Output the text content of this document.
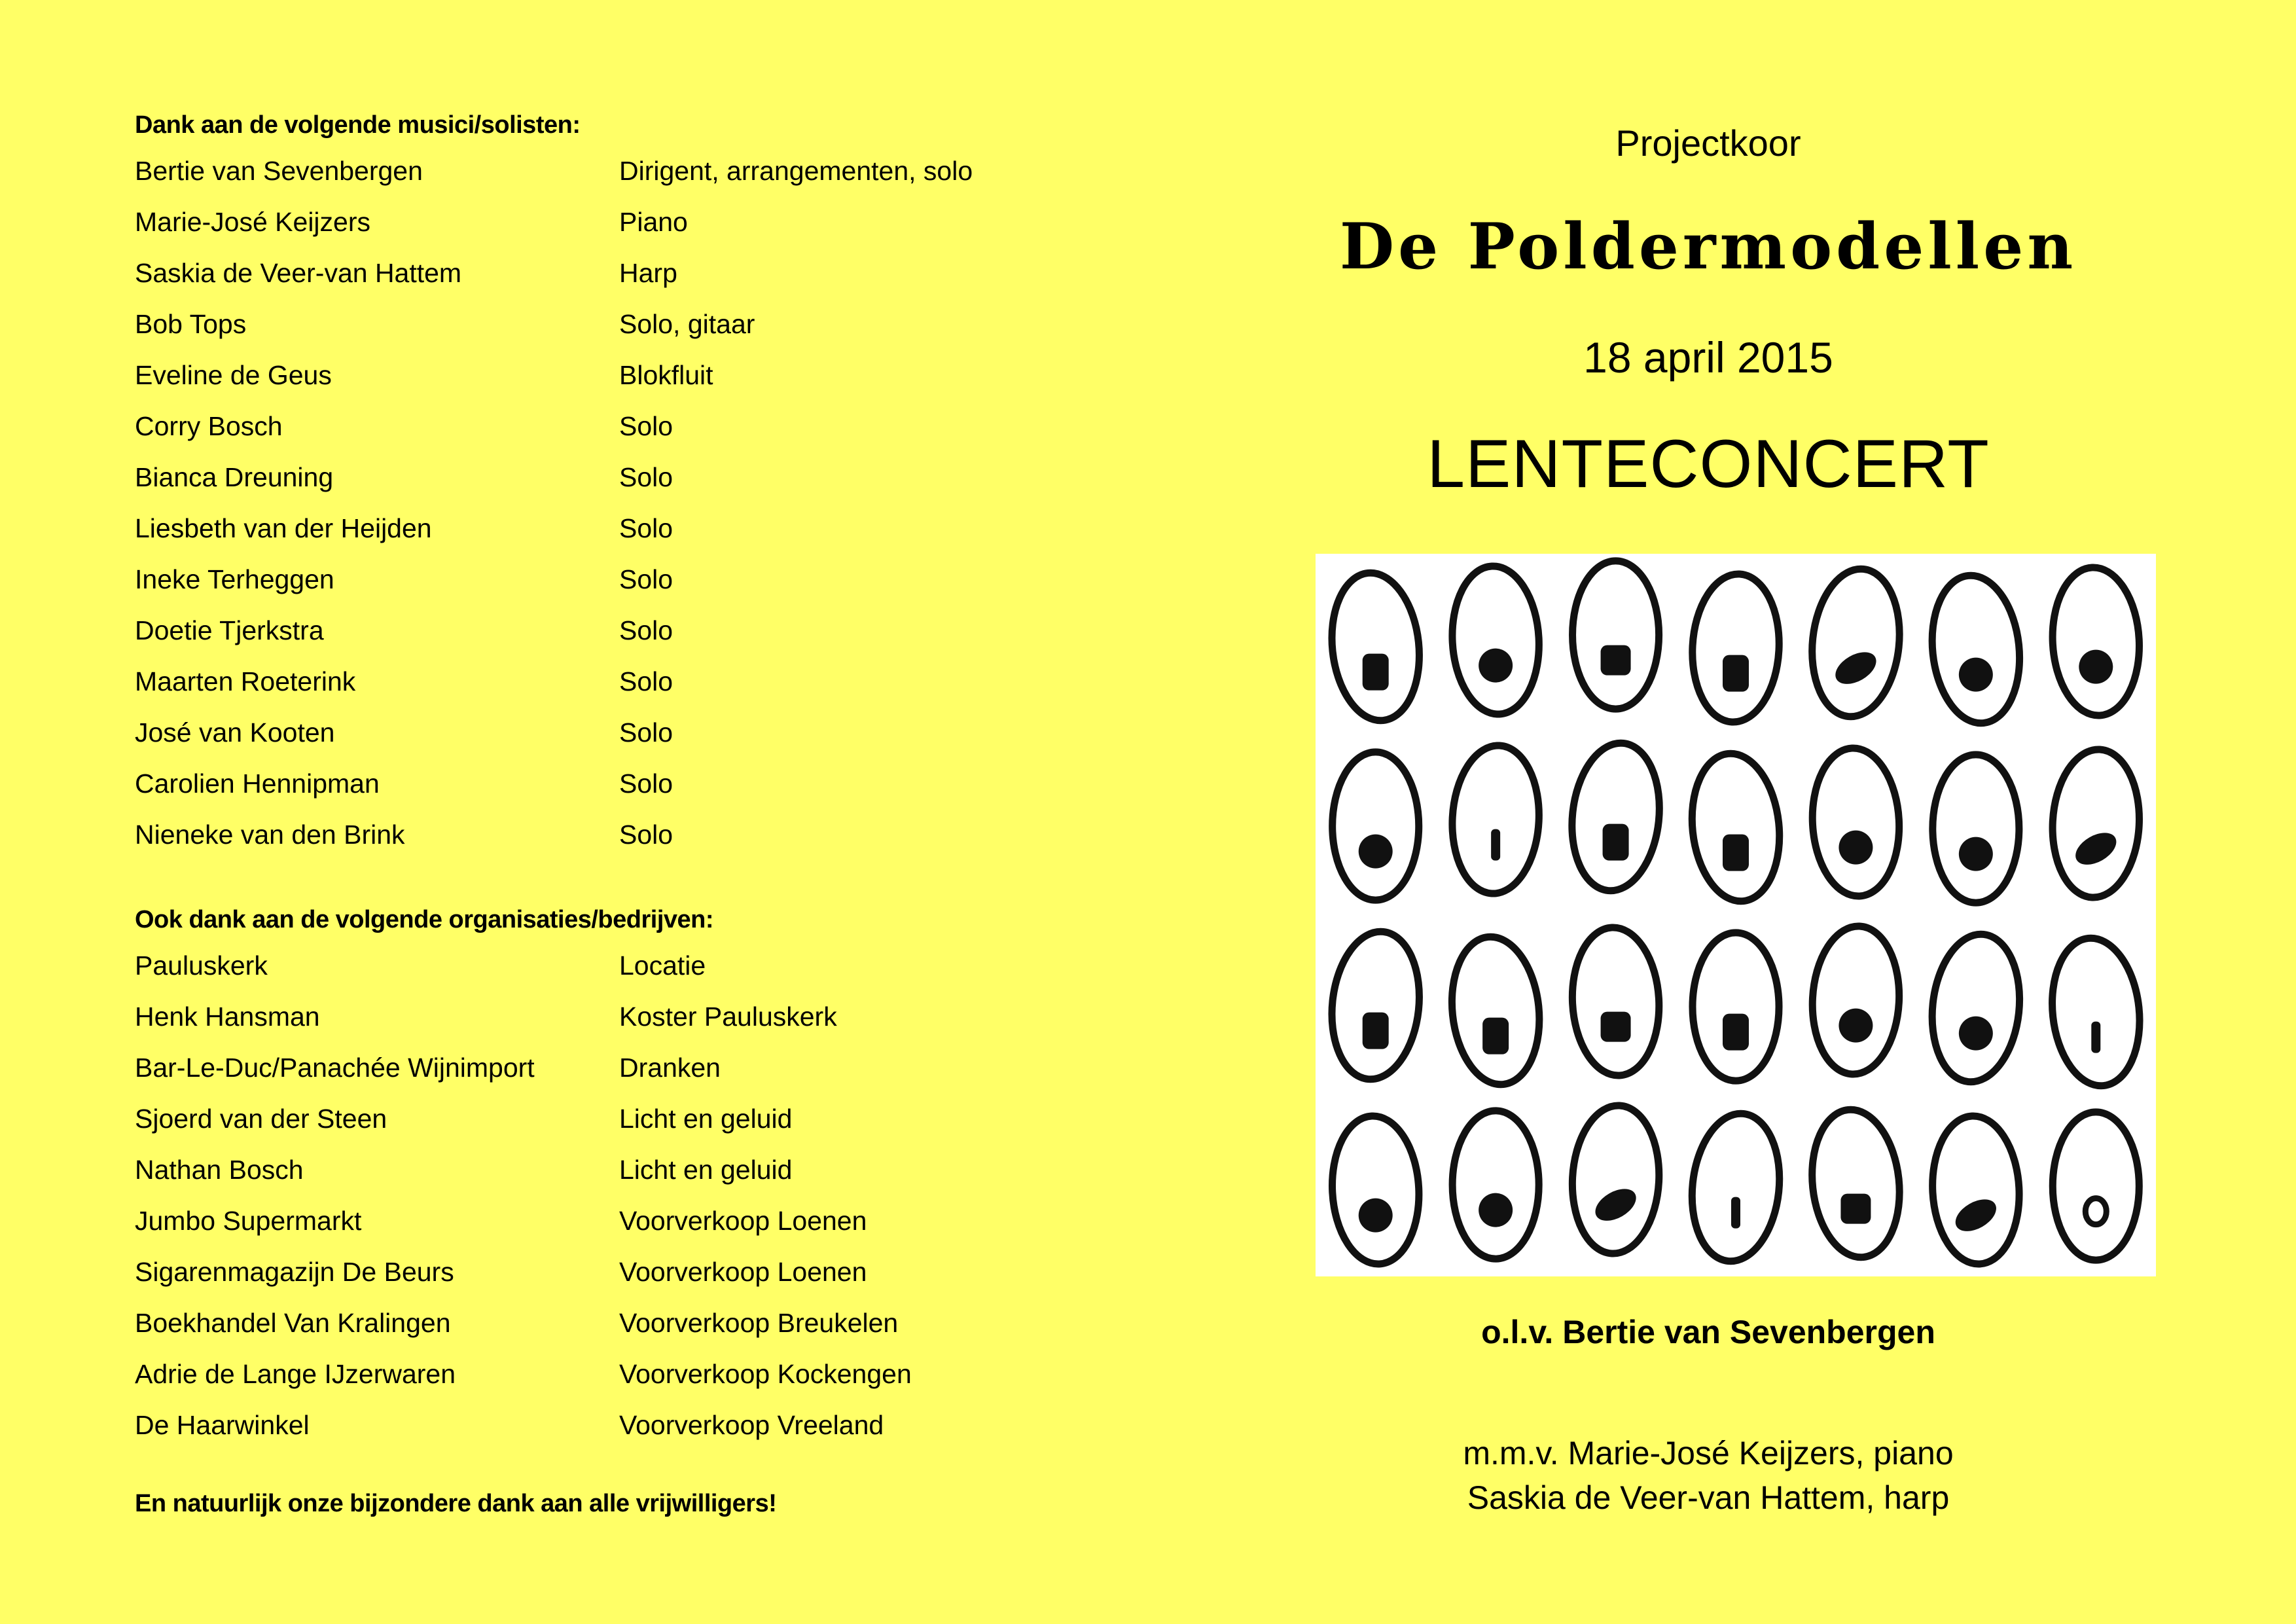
Dank aan de volgende musici/solisten:
Bertie van Sevenbergen	Dirigent, arrangementen, solo
Marie-José Keijzers	Piano
Saskia de Veer-van Hattem	Harp
Bob Tops	Solo, gitaar
Eveline de Geus	Blokfluit
Corry Bosch	Solo
Bianca Dreuning	Solo
Liesbeth van der Heijden	Solo
Ineke Terheggen	Solo
Doetie Tjerkstra	Solo
Maarten Roeterink	Solo
José van Kooten	Solo
Carolien Hennipman	Solo
Nieneke van den Brink	Solo
Ook dank aan de volgende organisaties/bedrijven:
Pauluskerk	Locatie
Henk Hansman	Koster Pauluskerk
Bar-Le-Duc/Panachée Wijnimport	Dranken
Sjoerd van der Steen	Licht en geluid
Nathan Bosch	Licht en geluid
Jumbo Supermarkt	Voorverkoop Loenen
Sigarenmagazijn De Beurs	Voorverkoop Loenen
Boekhandel Van Kralingen	Voorverkoop Breukelen
Adrie de Lange IJzerwaren	Voorverkoop Kockengen
De Haarwinkel	Voorverkoop Vreeland
En natuurlijk onze bijzondere dank aan alle vrijwilligers!
Projectkoor
De Poldermodellen
18 april 2015
LENTECONCERT
o.l.v. Bertie van Sevenbergen
m.m.v. Marie-José Keijzers, piano
Saskia de Veer-van Hattem, harp
